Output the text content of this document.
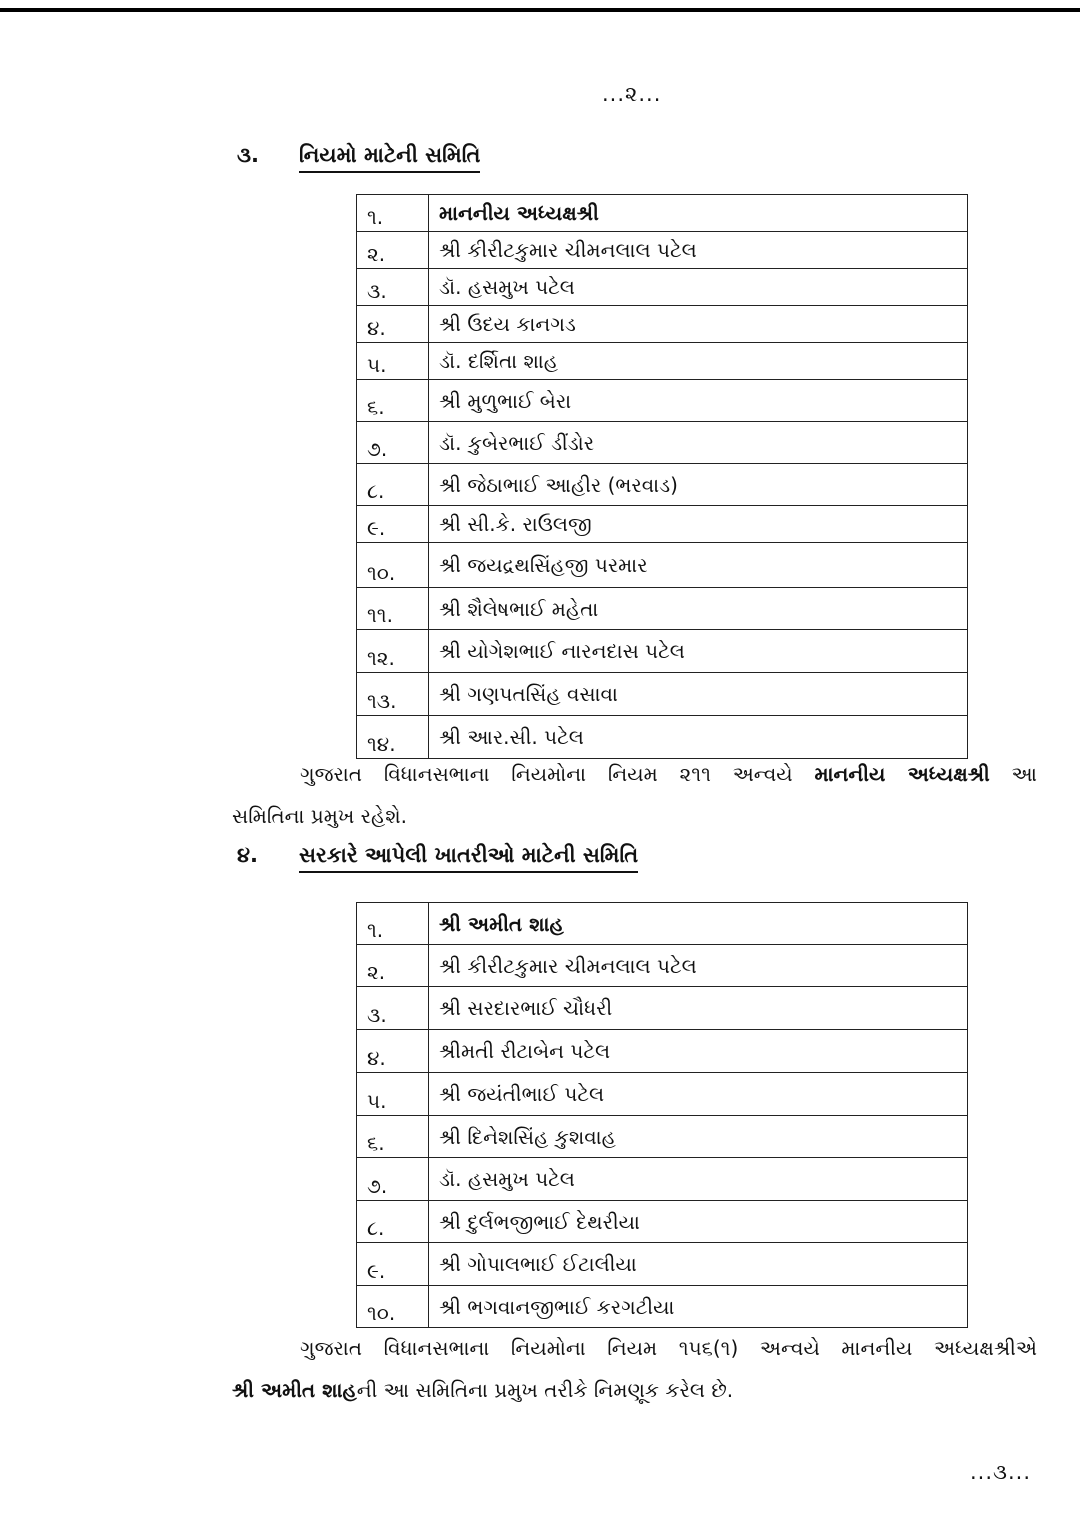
...૨...
૩.	નિયમો માટેની સમિતિ
૧.	માનનીય અધ્યક્ષશ્રી
૨.	શ્રી કીરીટકુમાર ચીમનલાલ પટેલ
૩.	ડૉ. હસમુખ પટેલ
૪.	શ્રી ઉદય કાનગડ
૫.	ડૉ. દર્શિતા શાહ
૬.	શ્રી મુળુભાઈ બેરા
૭.	ડૉ. કુબેરભાઈ ડીંડોર
૮.	શ્રી જેઠાભાઈ આહીર (ભરવાડ)
૯.	શ્રી સી.કે. રાઉલજી
૧૦.	શ્રી જયદ્રથસિંહજી પરમાર
૧૧.	શ્રી શૈલેષભાઈ મહેતા
૧૨.	શ્રી યોગેશભાઈ નારનદાસ પટેલ
૧૩.	શ્રી ગણપતસિંહ વસાવા
૧૪.	શ્રી આર.સી. પટેલ

ગુજરાત વિધાનસભાના નિયમોના નિયમ ૨૧૧ અન્વયે માનનીય અધ્યક્ષશ્રી આ

સમિતિના પ્રમુખ રહેશે.

૪.	સરકારે આપેલી ખાતરીઓ માટેની સમિતિ
૧.	શ્રી અમીત શાહ
૨.	શ્રી કીરીટકુમાર ચીમનલાલ પટેલ
૩.	શ્રી સરદારભાઈ ચૌધરી
૪.	શ્રીમતી રીટાબેન પટેલ
૫.	શ્રી જયંતીભાઈ પટેલ
૬.	શ્રી દિનેશસિંહ કુશવાહ
૭.	ડૉ. હસમુખ પટેલ
૮.	શ્રી દુર્લભજીભાઈ દેથરીયા
૯.	શ્રી ગોપાલભાઈ ઈટાલીયા
૧૦.	શ્રી ભગવાનજીભાઈ કરગટીયા

ગુજરાત વિધાનસભાના નિયમોના નિયમ ૧૫૬(૧) અન્વયે માનનીય અધ્યક્ષશ્રીએ

શ્રી અમીત શાહની આ સમિતિના પ્રમુખ તરીકે નિમણૂક કરેલ છે.

...૩...
